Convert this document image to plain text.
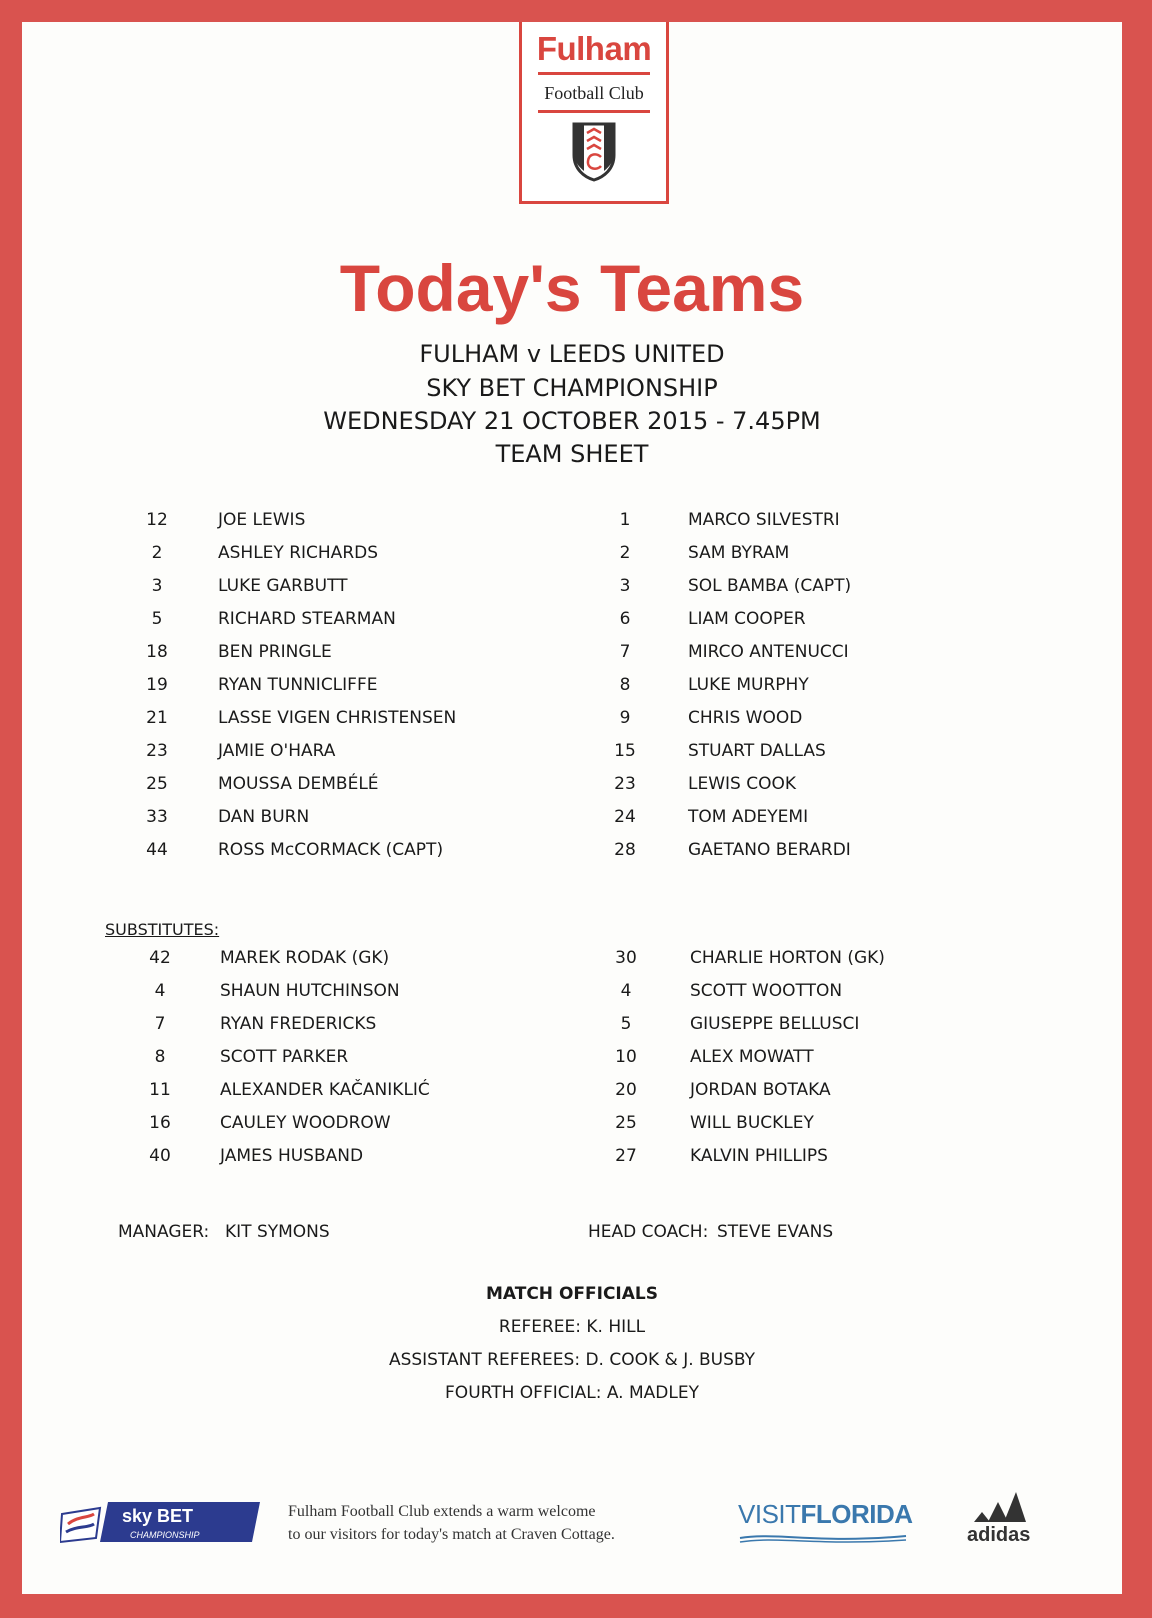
Fulham
Football Club
Today's Teams
FULHAM v LEEDS UNITED
SKY BET CHAMPIONSHIP
WEDNESDAY 21 OCTOBER 2015 - 7.45PM
TEAM SHEET
12	JOE LEWIS
2	ASHLEY RICHARDS
3	LUKE GARBUTT
5	RICHARD STEARMAN
18	BEN PRINGLE
19	RYAN TUNNICLIFFE
21	LASSE VIGEN CHRISTENSEN
23	JAMIE O'HARA
25	MOUSSA DEMBÉLÉ
33	DAN BURN
44	ROSS McCORMACK (CAPT)
1	MARCO SILVESTRI
2	SAM BYRAM
3	SOL BAMBA (CAPT)
6	LIAM COOPER
7	MIRCO ANTENUCCI
8	LUKE MURPHY
9	CHRIS WOOD
15	STUART DALLAS
23	LEWIS COOK
24	TOM ADEYEMI
28	GAETANO BERARDI
SUBSTITUTES:
42	MAREK RODAK (GK)
4	SHAUN HUTCHINSON
7	RYAN FREDERICKS
8	SCOTT PARKER
11	ALEXANDER KAČANIKLIĆ
16	CAULEY WOODROW
40	JAMES HUSBAND
30	CHARLIE HORTON (GK)
4	SCOTT WOOTTON
5	GIUSEPPE BELLUSCI
10	ALEX MOWATT
20	JORDAN BOTAKA
25	WILL BUCKLEY
27	KALVIN PHILLIPS
MANAGER: KIT SYMONS	HEAD COACH: STEVE EVANS
MATCH OFFICIALS
REFEREE: K. HILL
ASSISTANT REFEREES: D. COOK & J. BUSBY
FOURTH OFFICIAL: A. MADLEY
sky BET
CHAMPIONSHIP
Fulham Football Club extends a warm welcome
to our visitors for today's match at Craven Cottage.
VISITFLORIDA
adidas
